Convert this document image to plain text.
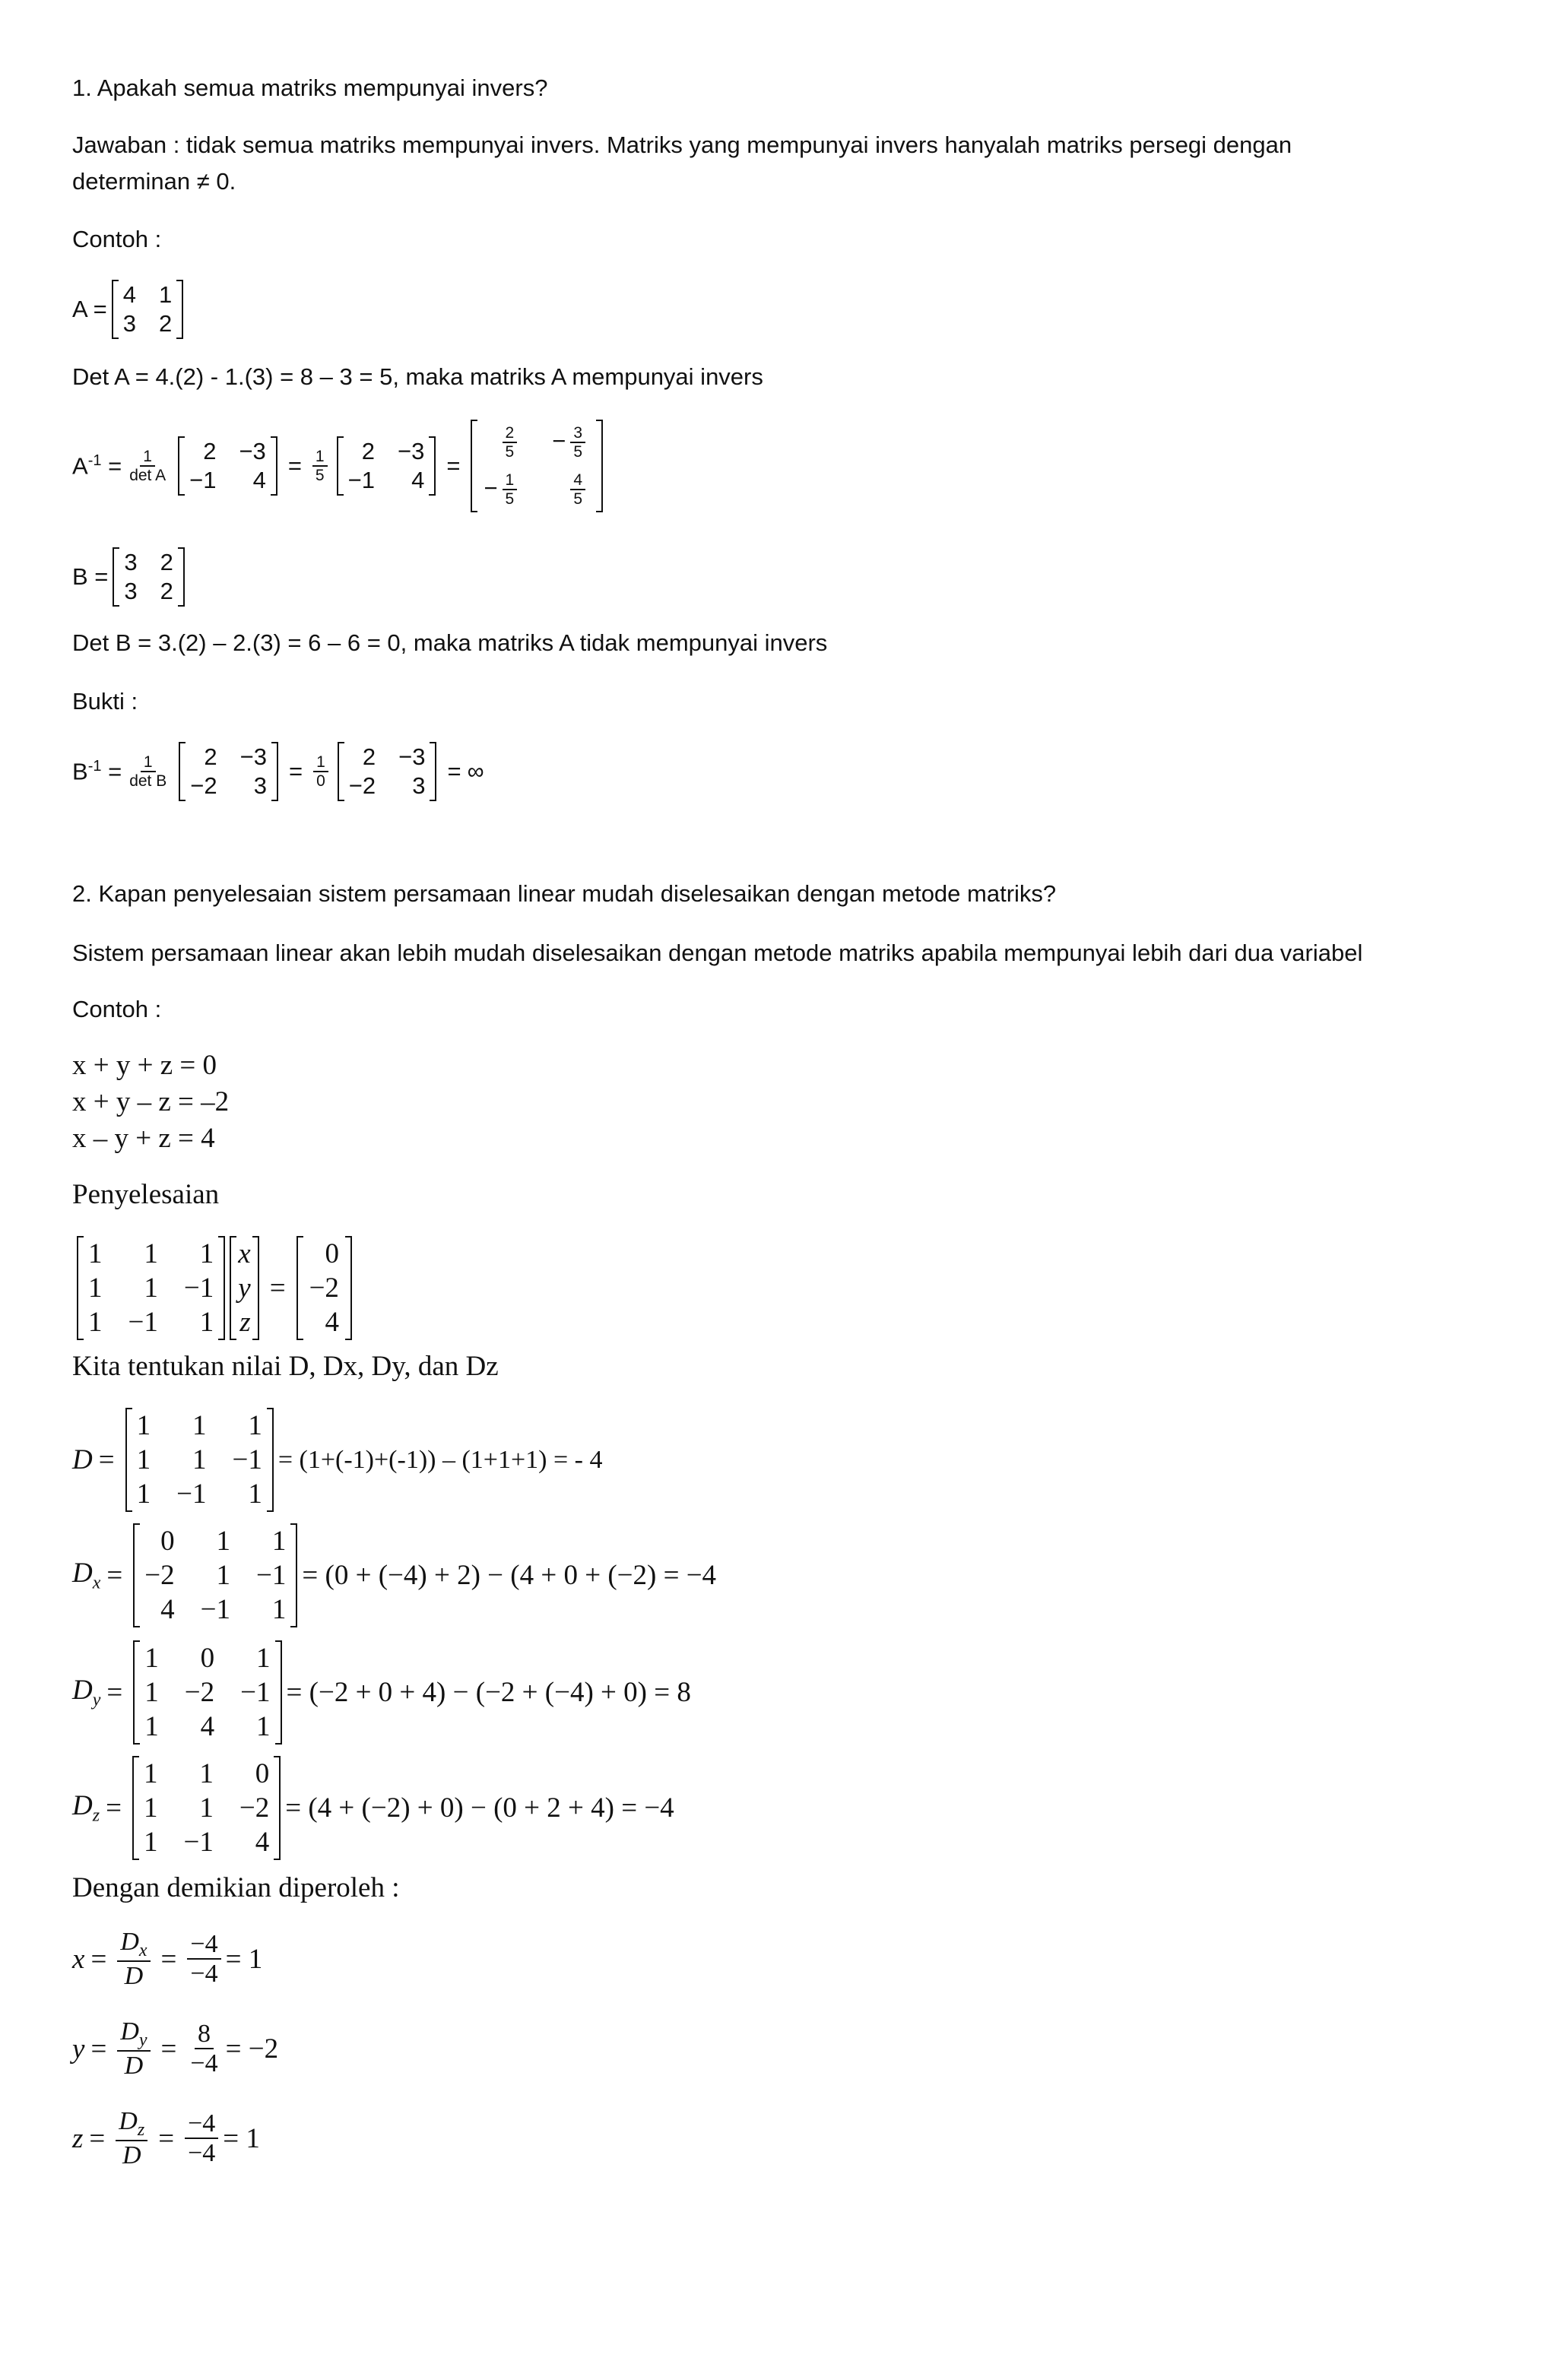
1. Apakah semua matriks mempunyai invers?
Jawaban : tidak semua matriks mempunyai invers. Matriks yang mempunyai invers hanyalah matriks persegi dengan
determinan ≠ 0.
Contoh :
A =
4 1
3 2
Det A = 4.(2) - 1.(3) = 8 – 3 = 5, maka matriks A mempunyai invers
$A^{-1} = \frac{1}{\text{det A}}$	2 −3
−1	4
= $\frac{1}{5}$	2 −3
−1	4
=
$\frac{2}{5} - \frac{3}{5}$
− $\frac{1}{5}$	$\frac{4}{5}$
B =
3 2
3 2
Det B = 3.(2) – 2.(3) = 6 – 6 = 0, maka matriks A tidak mempunyai invers
Bukti :
$B^{-1} = \frac{1}{\text{det B}}$	2 −3
−2	3
= $\frac{1}{0}$	2 −3
−2	3
= ∞
2. Kapan penyelesaian sistem persamaan linear mudah diselesaikan dengan metode matriks?
Sistem persamaan linear akan lebih mudah diselesaikan dengan metode matriks apabila mempunyai lebih dari dua variabel
Contoh :
x + y + z = 0
x + y – z = –2
x – y + z = 4
Penyelesaian
1	1	1
1	1 −1
1 −1	1
x
y
z
=
0
−2
4
Kita tentukan nilai D, Dx, Dy, dan Dz
D =
1	1	1
1	1 −1
1 −1	1
= (1+(-1)+(-1)) – (1+1+1) = - 4
$D_x$ =
0	1	1
−2	1 −1
4 −1	1
= (0 + (−4) + 2) − (4 + 0 + (−2) = −4
$D_y$ =
1	0	1
1 −2 −1
1	4	1
= (−2 + 0 + 4) − (−2 + (−4) + 0) = 8
$D_z$ =
1	1	0
1	1 −2
1 −1	4
= (4 + (−2) + 0) − (0 + 2 + 4) = −4
Dengan demikian diperoleh :
$x = \frac{D_x}{D} = \frac{-4}{-4} = 1$
$y = \frac{D_y}{D} = \frac{8}{-4} = -2$
$z = \frac{D_z}{D} = \frac{-4}{-4} = 1$
